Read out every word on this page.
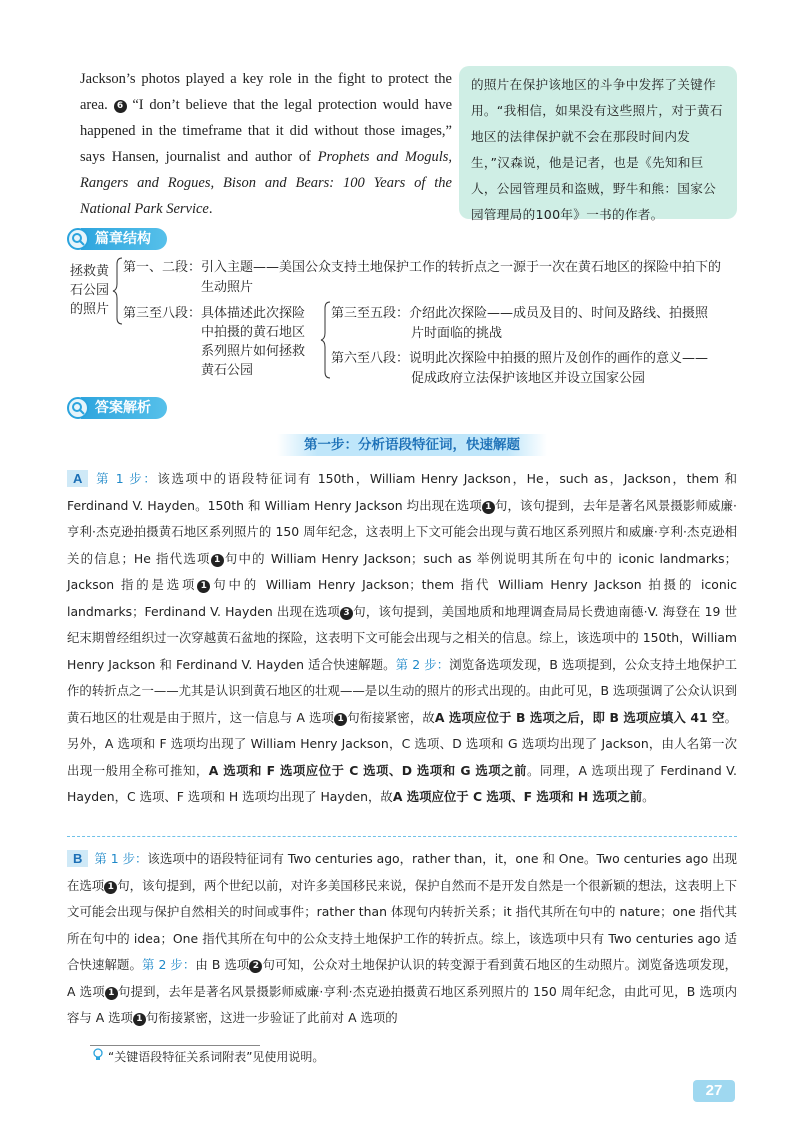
Jackson’s photos played a key role in the fight to protect the area. 6 “I don’t believe that the legal protection would have happened in the timeframe that it did without those images,” says Hansen, journalist and author of Prophets and Moguls, Rangers and Rogues, Bison and Bears: 100 Years of the National Park Service.
的照片在保护该地区的斗争中发挥了关键作用。“我相信，如果没有这些照片，对于黄石地区的法律保护就不会在那段时间内发生，”汉森说，他是记者，也是《先知和巨人，公园管理员和盗贼，野牛和熊：国家公园管理局的100年》一书的作者。
篇章结构
拯救黄
石公园
的照片
第一、二段：引入主题——美国公众支持土地保护工作的转折点之一源于一次在黄石地区的探险中拍下的
生动照片
第三至八段： 具体描述此次探险
中拍摄的黄石地区
系列照片如何拯救
黄石公园
第三至五段：介绍此次探险——成员及目的、时间及路线、拍摄照
片时面临的挑战
第六至八段：说明此次探险中拍摄的照片及创作的画作的意义——
促成政府立法保护该地区并设立国家公园
答案解析
第一步：分析语段特征词，快速解题
A 第 1 步：该选项中的语段特征词有 150th，William Henry Jackson，He，such as，Jackson，them 和 Ferdinand V. Hayden。150th 和 William Henry Jackson 均出现在选项 1 句，该句提到，去年是著名风景摄影师威廉·亨利·杰克逊拍摄黄石地区系列照片的 150 周年纪念，这表明上下文可能会出现与黄石地区系列照片和威廉·亨利·杰克逊相关的信息；He 指代选项 1 句中的 William Henry Jackson；such as 举例说明其所在句中的 iconic landmarks；Jackson 指的是选项 1 句中的 William Henry Jackson；them 指代 William Henry Jackson 拍摄的 iconic landmarks；Ferdinand V. Hayden 出现在选项 3 句，该句提到，美国地质和地理调查局局长费迪南德·V. 海登在 19 世纪末期曾经组织过一次穿越黄石盆地的探险，这表明下文可能会出现与之相关的信息。综上，该选项中的 150th，William Henry Jackson 和 Ferdinand V. Hayden 适合快速解题。第 2 步：浏览备选项发现，B 选项提到，公众支持土地保护工作的转折点之一——尤其是认识到黄石地区的壮观——是以生动的照片的形式出现的。由此可见，B 选项强调了公众认识到黄石地区的壮观是由于照片，这一信息与 A 选项 1 句衔接紧密，故A 选项应位于 B 选项之后，即 B 选项应填入 41 空。另外，A 选项和 F 选项均出现了 William Henry Jackson，C 选项、D 选项和 G 选项均出现了 Jackson，由人名第一次出现一般用全称可推知，A 选项和 F 选项应位于 C 选项、D 选项和 G 选项之前。同理，A 选项出现了 Ferdinand V. Hayden，C 选项、F 选项和 H 选项均出现了 Hayden，故A 选项应位于 C 选项、F 选项和 H 选项之前。
B 第 1 步：该选项中的语段特征词有 Two centuries ago，rather than，it，one 和 One。Two centuries ago 出现在选项 1 句，该句提到，两个世纪以前，对许多美国移民来说，保护自然而不是开发自然是一个很新颖的想法，这表明上下文可能会出现与保护自然相关的时间或事件；rather than 体现句内转折关系；it 指代其所在句中的 nature；one 指代其所在句中的 idea；One 指代其所在句中的公众支持土地保护工作的转折点。综上，该选项中只有 Two centuries ago 适合快速解题。第 2 步：由 B 选项 2 句可知，公众对土地保护认识的转变源于看到黄石地区的生动照片。浏览备选项发现，A 选项 1 句提到，去年是著名风景摄影师威廉·亨利·杰克逊拍摄黄石地区系列照片的 150 周年纪念，由此可见，B 选项内容与 A 选项 1 句衔接紧密，这进一步验证了此前对 A 选项的
“关键语段特征关系词附表”见使用说明。
27
